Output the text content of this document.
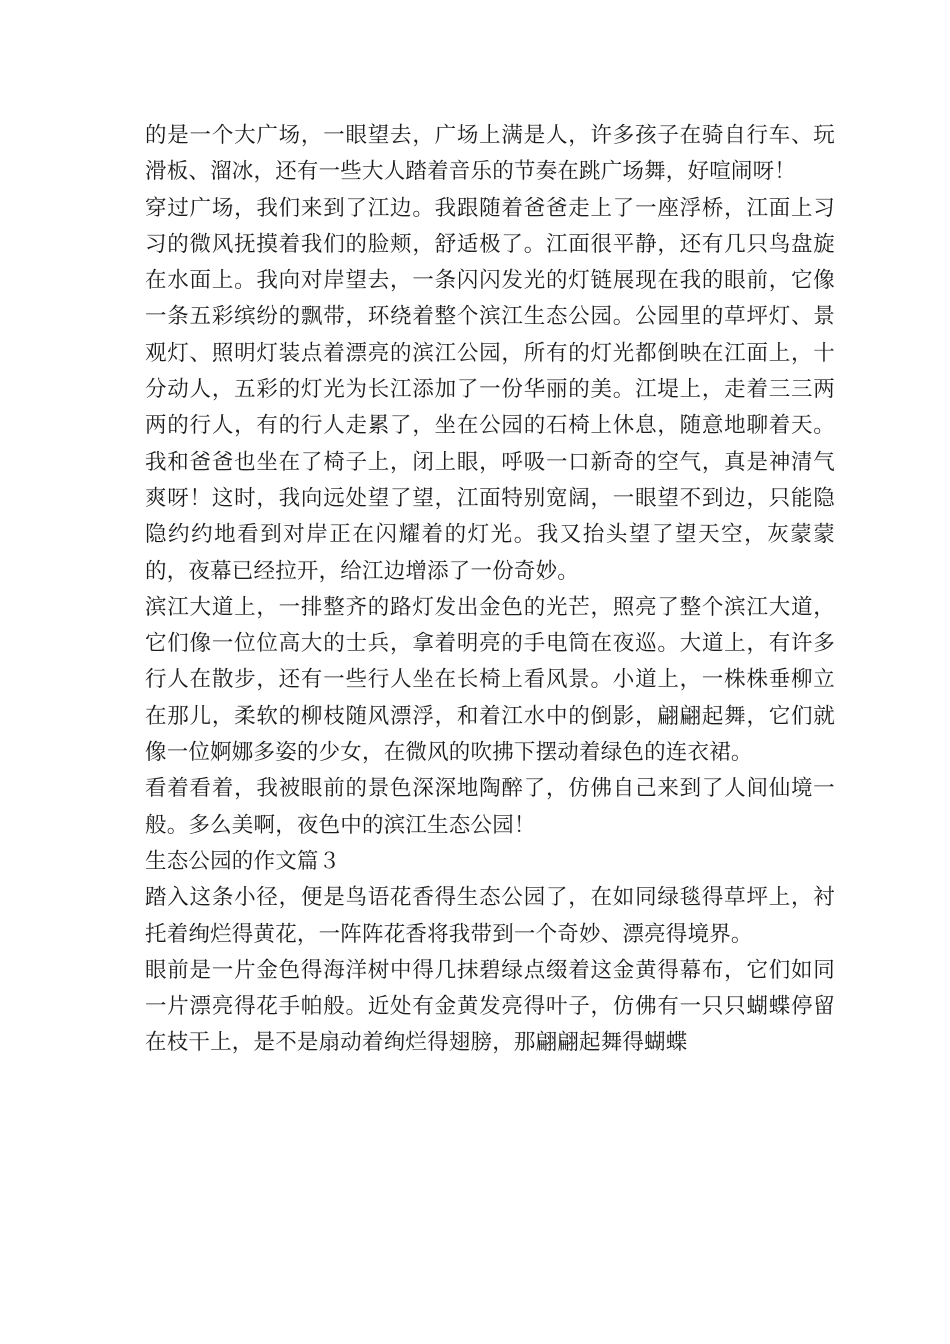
的是一个大广场，一眼望去，广场上满是人，许多孩子在骑自行车、玩滑板、溜冰，还有一些大人踏着音乐的节奏在跳广场舞，好喧闹呀！

穿过广场，我们来到了江边。我跟随着爸爸走上了一座浮桥，江面上习习的微风抚摸着我们的脸颊，舒适极了。江面很平静，还有几只鸟盘旋在水面上。我向对岸望去，一条闪闪发光的灯链展现在我的眼前，它像一条五彩缤纷的飘带，环绕着整个滨江生态公园。公园里的草坪灯、景观灯、照明灯装点着漂亮的滨江公园，所有的灯光都倒映在江面上，十分动人，五彩的灯光为长江添加了一份华丽的美。江堤上，走着三三两两的行人，有的行人走累了，坐在公园的石椅上休息，随意地聊着天。我和爸爸也坐在了椅子上，闭上眼，呼吸一口新奇的空气，真是神清气爽呀！这时，我向远处望了望，江面特别宽阔，一眼望不到边，只能隐隐约约地看到对岸正在闪耀着的灯光。我又抬头望了望天空，灰蒙蒙的，夜幕已经拉开，给江边增添了一份奇妙。

滨江大道上，一排整齐的路灯发出金色的光芒，照亮了整个滨江大道，它们像一位位高大的士兵，拿着明亮的手电筒在夜巡。大道上，有许多行人在散步，还有一些行人坐在长椅上看风景。小道上，一株株垂柳立在那儿，柔软的柳枝随风漂浮，和着江水中的倒影，翩翩起舞，它们就像一位婀娜多姿的少女，在微风的吹拂下摆动着绿色的连衣裙。

看着看着，我被眼前的景色深深地陶醉了，仿佛自己来到了人间仙境一般。多么美啊，夜色中的滨江生态公园！

生态公园的作文篇３

踏入这条小径，便是鸟语花香得生态公园了，在如同绿毯得草坪上，衬托着绚烂得黄花，一阵阵花香将我带到一个奇妙、漂亮得境界。

眼前是一片金色得海洋树中得几抹碧绿点缀着这金黄得幕布，它们如同一片漂亮得花手帕般。近处有金黄发亮得叶子，仿佛有一只只蝴蝶停留在枝干上，是不是扇动着绚烂得翅膀，那翩翩起舞得蝴蝶
